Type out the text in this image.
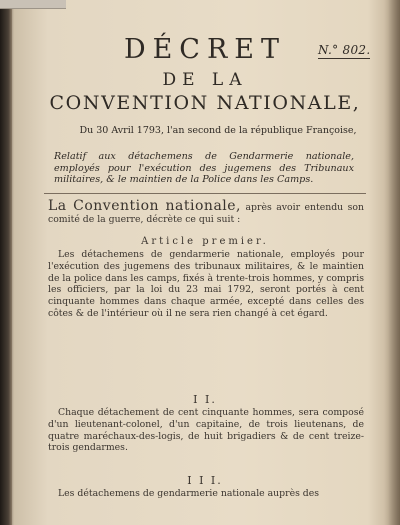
N.° 802.
DÉCRET
DE LA
CONVENTION NATIONALE,
Du 30 Avril 1793, l'an second de la république Françoise,
Relatif aux détachemens de Gendarmerie nationale, employés pour l'exécution des jugemens des Tribunaux militaires, & le maintien de la Police dans les Camps.
La Convention nationale, après avoir entendu son comité de la guerre, décrète ce qui suit :
Article premier.
Les détachemens de gendarmerie nationale, employés pour l'exécution des jugemens des tribunaux militaires, & le maintien de la police dans les camps, fixés à trente-trois hommes, y compris les officiers, par la loi du 23 mai 1792, seront portés à cent cinquante hommes dans chaque armée, excepté dans celles des côtes & de l'intérieur où il ne sera rien changé à cet égard.
I I.
Chaque détachement de cent cinquante hommes, sera composé d'un lieutenant-colonel, d'un capitaine, de trois lieutenans, de quatre maréchaux-des-logis, de huit brigadiers & de cent treize-trois gendarmes.
I I I.
Les détachemens de gendarmerie nationale auprès des
